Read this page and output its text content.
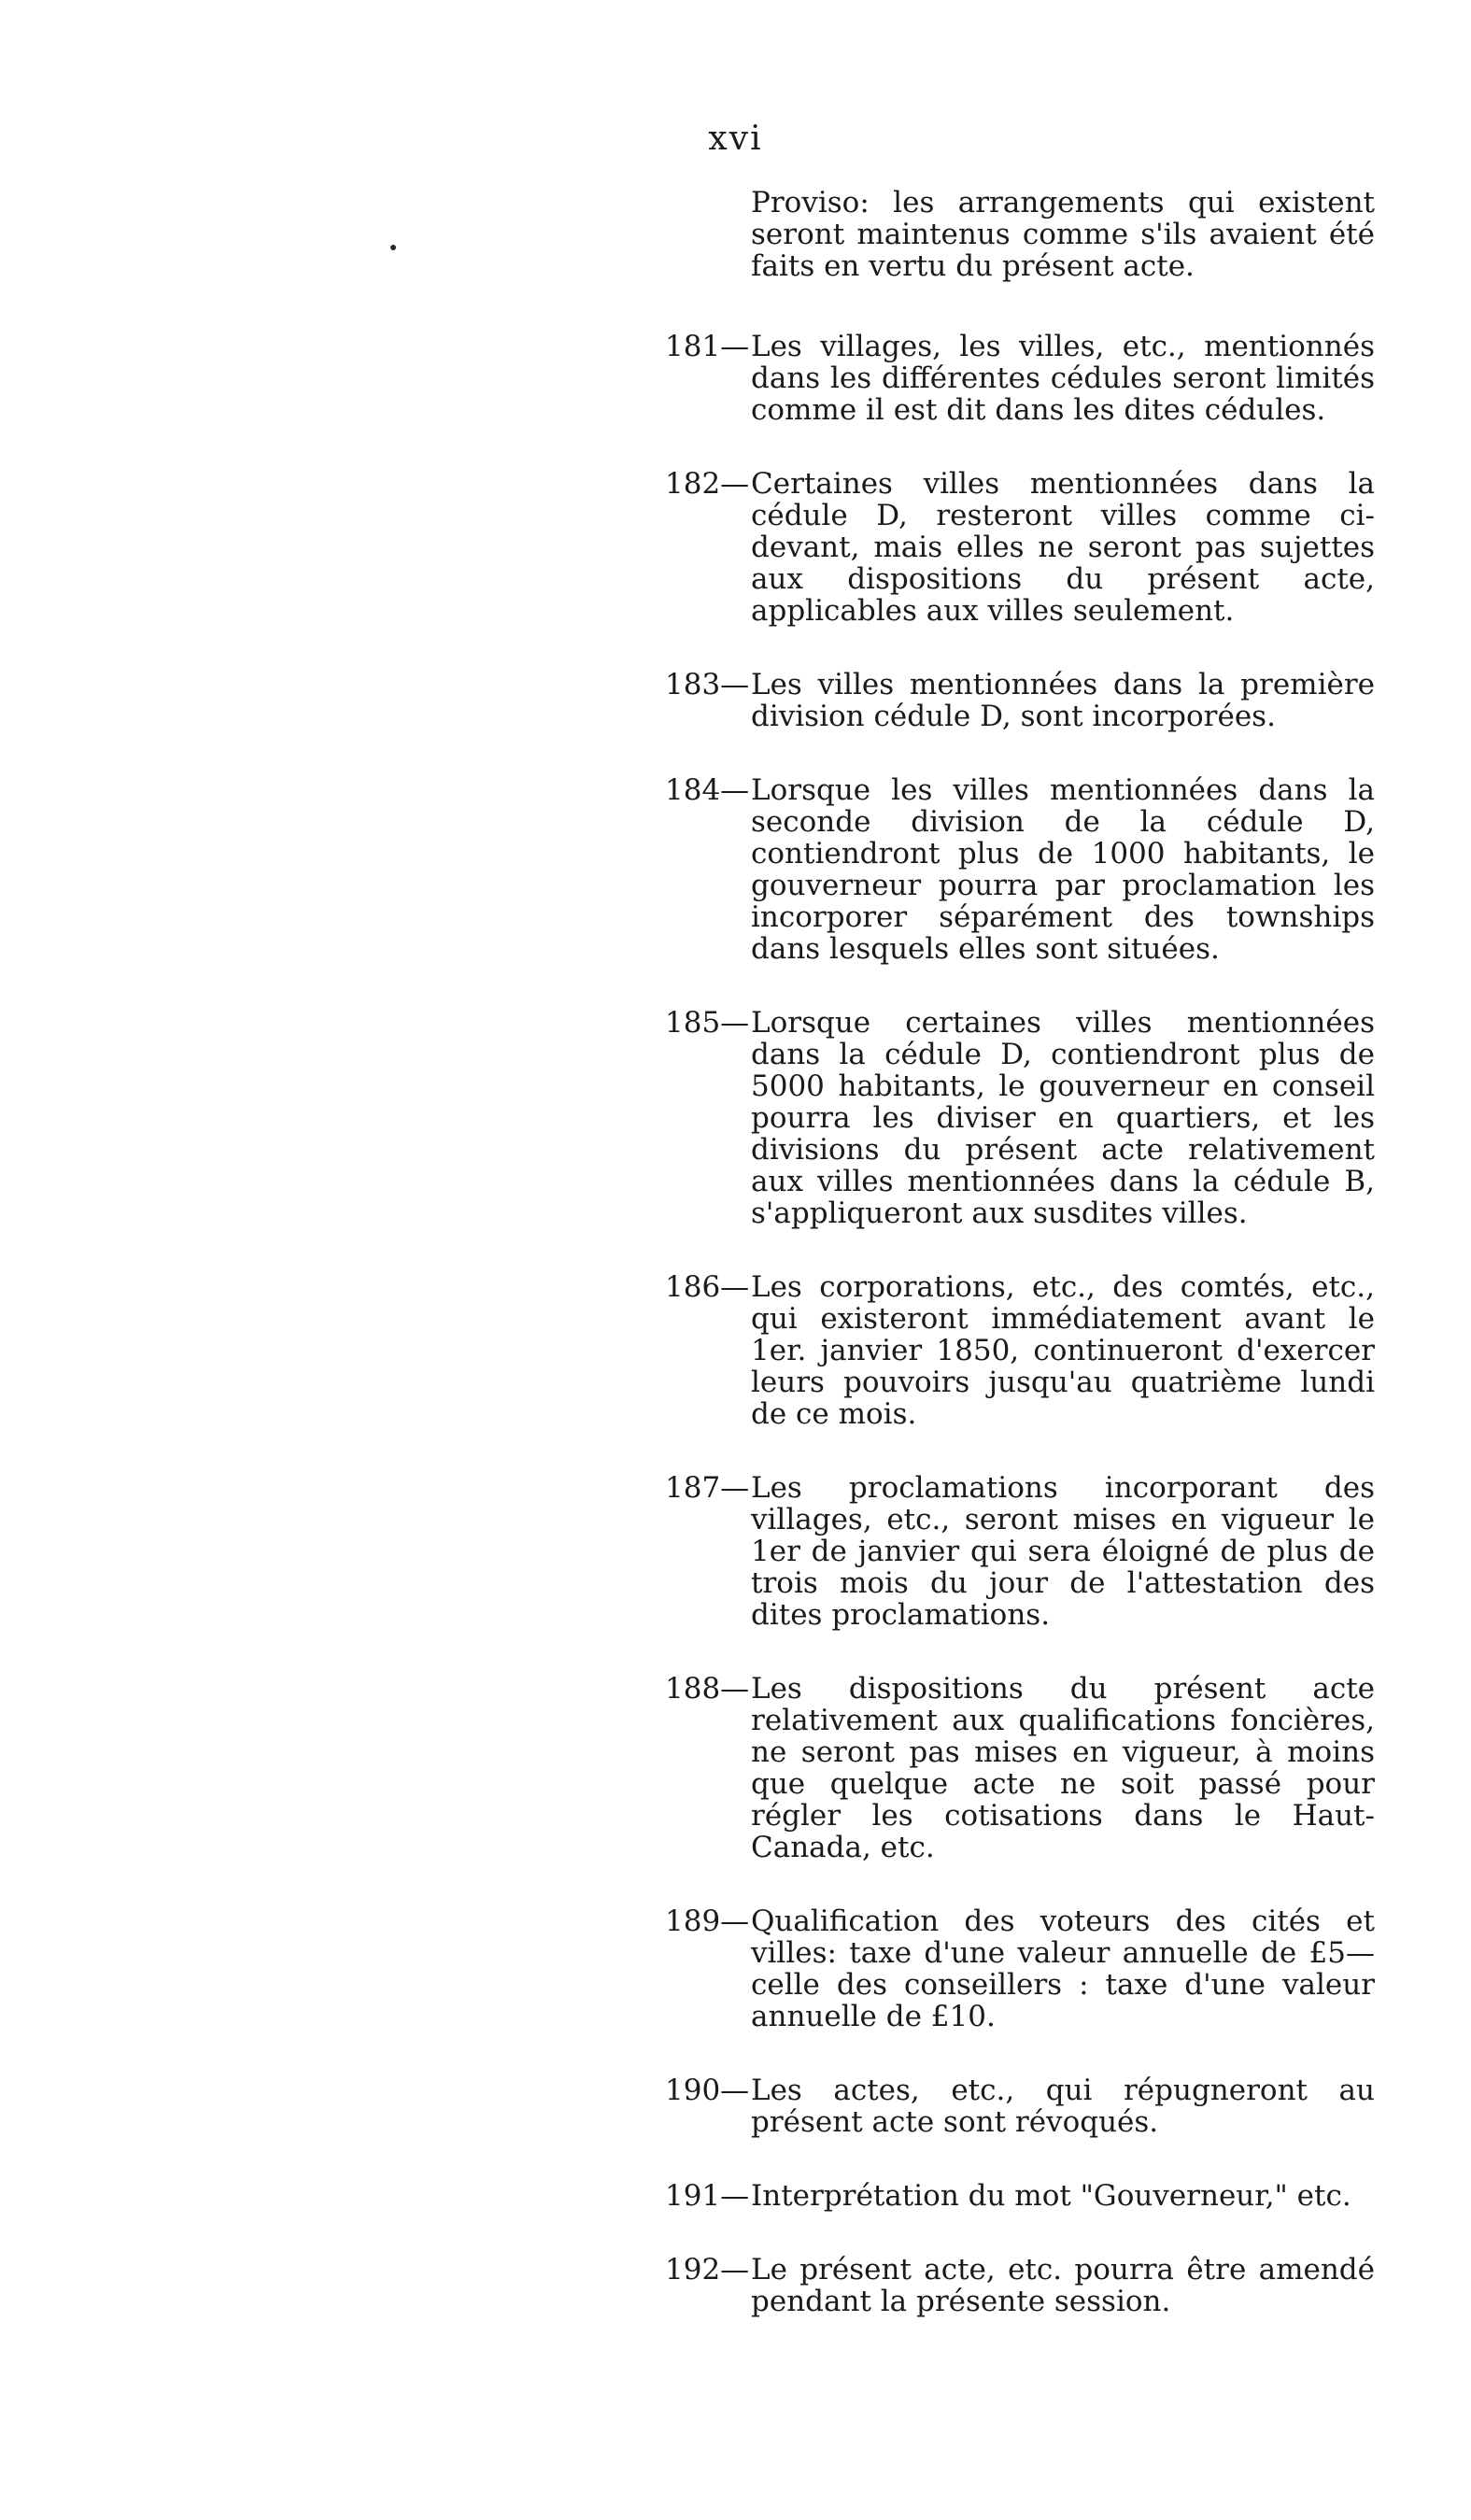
xvi

Proviso: les arrangements qui existent seront maintenus comme s'ils avaient été faits en vertu du présent acte.

181— Les villages, les villes, etc., mentionnés dans les différentes cédules seront limités comme il est dit dans les dites cédules.
182— Certaines villes mentionnées dans la cédule D, resteront villes comme ci-devant, mais elles ne seront pas sujettes aux dispositions du présent acte, applicables aux villes seulement.
183— Les villes mentionnées dans la première division cédule D, sont incorporées.
184— Lorsque les villes mentionnées dans la seconde division de la cédule D, contiendront plus de 1000 habitants, le gouverneur pourra par proclamation les incorporer séparément des townships dans lesquels elles sont situées.
185— Lorsque certaines villes mentionnées dans la cédule D, contiendront plus de 5000 habitants, le gouverneur en conseil pourra les diviser en quartiers, et les divisions du présent acte relativement aux villes mentionnées dans la cédule B, s'appliqueront aux susdites villes.
186— Les corporations, etc., des comtés, etc., qui existeront immédiatement avant le 1er. janvier 1850, continueront d'exercer leurs pouvoirs jusqu'au quatrième lundi de ce mois.
187— Les proclamations incorporant des villages, etc., seront mises en vigueur le 1er de janvier qui sera éloigné de plus de trois mois du jour de l'attestation des dites proclamations.
188— Les dispositions du présent acte relativement aux qualifications foncières, ne seront pas mises en vigueur, à moins que quelque acte ne soit passé pour régler les cotisations dans le Haut-Canada, etc.
189— Qualification des voteurs des cités et villes: taxe d'une valeur annuelle de £5—celle des conseillers : taxe d'une valeur annuelle de £10.
190— Les actes, etc., qui répugneront au présent acte sont révoqués.
191— Interprétation du mot "Gouverneur," etc.
192— Le présent acte, etc. pourra être amendé pendant la présente session.
